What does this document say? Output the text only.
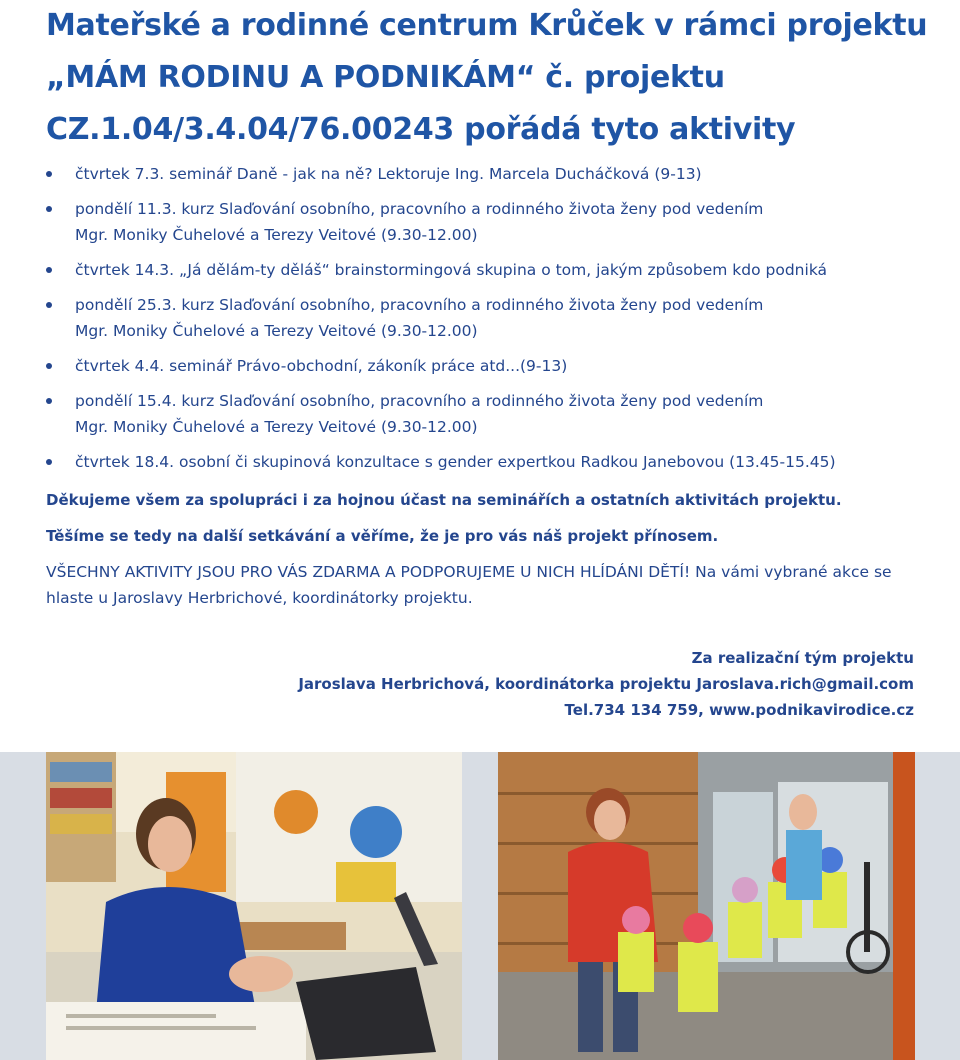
Mateřské a rodinné centrum Krůček v rámci projektu
„MÁM RODINU A PODNIKÁM“ č. projektu
CZ.1.04/3.4.04/76.00243 pořádá tyto aktivity
čtvrtek 7.3. seminář Daně - jak na ně? Lektoruje Ing. Marcela Ducháčková (9-13)
pondělí 11.3. kurz Slaďování osobního, pracovního a rodinného života ženy pod vedením
Mgr. Moniky Čuhelové a Terezy Veitové (9.30-12.00)
čtvrtek 14.3. „Já dělám-ty děláš“ brainstormingová skupina o tom, jakým způsobem kdo podniká
pondělí 25.3. kurz Slaďování osobního, pracovního a rodinného života ženy pod vedením
Mgr. Moniky Čuhelové a Terezy Veitové (9.30-12.00)
čtvrtek 4.4. seminář Právo-obchodní, zákoník práce atd...(9-13)
pondělí 15.4. kurz Slaďování osobního, pracovního a rodinného života ženy pod vedením
Mgr. Moniky Čuhelové a Terezy Veitové (9.30-12.00)
čtvrtek 18.4. osobní či skupinová konzultace s gender expertkou Radkou Janebovou (13.45-15.45)

Děkujeme všem za spolupráci i za hojnou účast na seminářích a ostatních aktivitách projektu.

Těšíme se tedy na další setkávání a věříme, že je pro vás náš projekt přínosem.

VŠECHNY AKTIVITY JSOU PRO VÁS ZDARMA A PODPORUJEME U NICH HLÍDÁNI DĚTÍ! Na vámi vybrané akce se hlaste u Jaroslavy Herbrichové, koordinátorky projektu.

Za realizační tým projektu
Jaroslava Herbrichová, koordinátorka projektu Jaroslava.rich@gmail.com
Tel.734 134 759, www.podnikavirodice.cz
